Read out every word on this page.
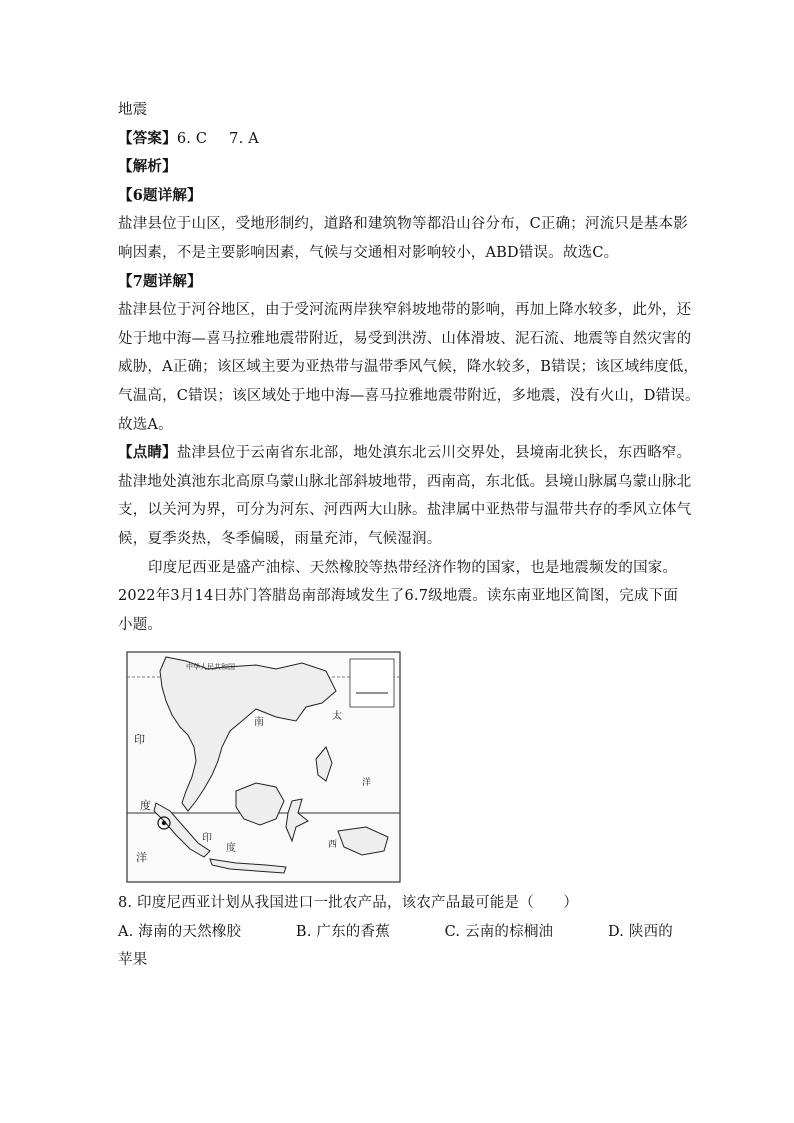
地震
【答案】6. C 7. A
【解析】
【6题详解】
盐津县位于山区，受地形制约，道路和建筑物等都沿山谷分布，C正确；河流只是基本影
响因素，不是主要影响因素，气候与交通相对影响较小，ABD错误。故选C。
【7题详解】
盐津县位于河谷地区，由于受河流两岸狭窄斜坡地带的影响，再加上降水较多，此外，还
处于地中海—喜马拉雅地震带附近，易受到洪涝、山体滑坡、泥石流、地震等自然灾害的
威胁，A正确；该区域主要为亚热带与温带季风气候，降水较多，B错误；该区域纬度低，
气温高，C错误；该区域处于地中海—喜马拉雅地震带附近，多地震，没有火山，D错误。
故选A。
【点睛】盐津县位于云南省东北部，地处滇东北云川交界处，县境南北狭长，东西略窄。
盐津地处滇池东北高原乌蒙山脉北部斜坡地带，西南高，东北低。县境山脉属乌蒙山脉北
支，以关河为界，可分为河东、河西两大山脉。盐津属中亚热带与温带共存的季风立体气
候，夏季炎热，冬季偏暖，雨量充沛，气候湿润。
印度尼西亚是盛产油棕、天然橡胶等热带经济作物的国家，也是地震频发的国家。
2022年3月14日苏门答腊岛南部海域发生了6.7级地震。读东南亚地区简图，完成下面
小题。
中华人民共和国
印
度
洋
印
度
南
太
洋
西
8. 印度尼西亚计划从我国进口一批农产品，该农产品最可能是（　　）
A. 海南的天然橡胶	B. 广东的香蕉	C. 云南的棕榈油	D. 陕西的
苹果
